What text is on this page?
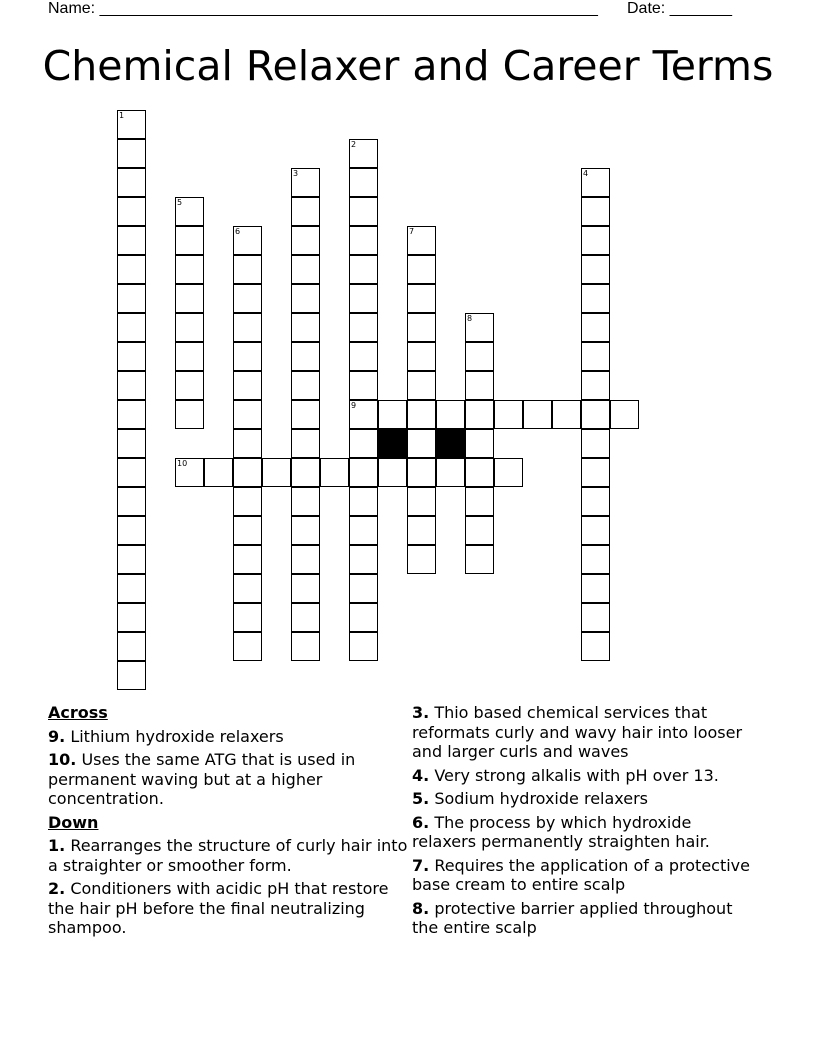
Name: ________________________________________________________ Date: _______
Chemical Relaxer and Career Terms
1
2
9
3	4
5
6	7
8
10
Across
9. Lithium hydroxide relaxers
10. Uses the same ATG that is used in permanent waving but at a higher concentration.
Down
1. Rearranges the structure of curly hair into a straighter or smoother form.
2. Conditioners with acidic pH that restore the hair pH before the final neutralizing shampoo.
3. Thio based chemical services that reformats curly and wavy hair into looser and larger curls and waves
4. Very strong alkalis with pH over 13.
5. Sodium hydroxide relaxers
6. The process by which hydroxide relaxers permanently straighten hair.
7. Requires the application of a protective base cream to entire scalp
8. protective barrier applied throughout the entire scalp
